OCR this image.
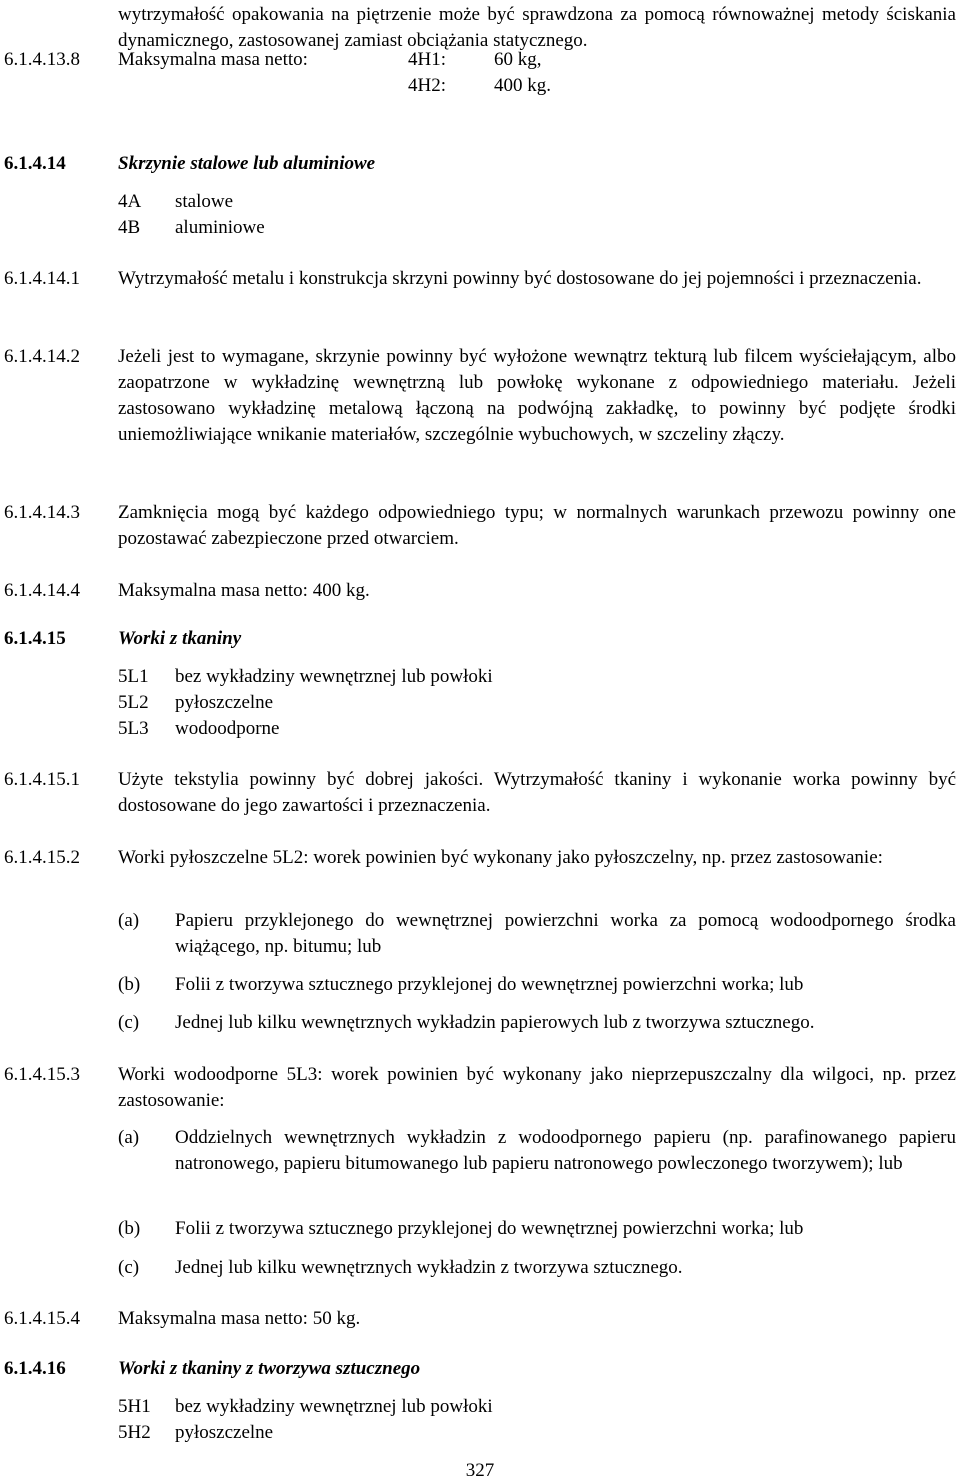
wytrzymałość opakowania na piętrzenie może być sprawdzona za pomocą równoważnej metody ściskania dynamicznego, zastosowanej zamiast obciążania statycznego.
6.1.4.13.8 Maksymalna masa netto:	4H1:	60 kg,
4H2:	400 kg.
6.1.4.14	Skrzynie stalowe lub aluminiowe
4A stalowe
4B aluminiowe
6.1.4.14.1 Wytrzymałość metalu i konstrukcja skrzyni powinny być dostosowane do jej pojemności i przeznaczenia.
6.1.4.14.2 Jeżeli jest to wymagane, skrzynie powinny być wyłożone wewnątrz tekturą lub filcem wyściełającym, albo zaopatrzone w wykładzinę wewnętrzną lub powłokę wykonane z odpowiedniego materiału. Jeżeli zastosowano wykładzinę metalową łączoną na podwójną zakładkę, to powinny być podjęte środki uniemożliwiające wnikanie materiałów, szczególnie wybuchowych, w szczeliny złączy.
6.1.4.14.3 Zamknięcia mogą być każdego odpowiedniego typu; w normalnych warunkach przewozu powinny one pozostawać zabezpieczone przed otwarciem.
6.1.4.14.4 Maksymalna masa netto: 400 kg.
6.1.4.15	Worki z tkaniny
5L1 bez wykładziny wewnętrznej lub powłoki
5L2 pyłoszczelne
5L3 wodoodporne
6.1.4.15.1 Użyte tekstylia powinny być dobrej jakości. Wytrzymałość tkaniny i wykonanie worka powinny być dostosowane do jego zawartości i przeznaczenia.
6.1.4.15.2 Worki pyłoszczelne 5L2: worek powinien być wykonany jako pyłoszczelny, np. przez zastosowanie:
(a) Papieru przyklejonego do wewnętrznej powierzchni worka za pomocą wodoodpornego środka wiążącego, np. bitumu; lub
(b) Folii z tworzywa sztucznego przyklejonej do wewnętrznej powierzchni worka; lub
(c) Jednej lub kilku wewnętrznych wykładzin papierowych lub z tworzywa sztucznego.
6.1.4.15.3 Worki wodoodporne 5L3: worek powinien być wykonany jako nieprzepuszczalny dla wilgoci, np. przez zastosowanie:
(a) Oddzielnych wewnętrznych wykładzin z wodoodpornego papieru (np. parafinowanego papieru natronowego, papieru bitumowanego lub papieru natronowego powleczonego tworzywem); lub
(b) Folii z tworzywa sztucznego przyklejonej do wewnętrznej powierzchni worka; lub
(c) Jednej lub kilku wewnętrznych wykładzin z tworzywa sztucznego.
6.1.4.15.4 Maksymalna masa netto: 50 kg.
6.1.4.16	Worki z tkaniny z tworzywa sztucznego
5H1 bez wykładziny wewnętrznej lub powłoki
5H2 pyłoszczelne
327
